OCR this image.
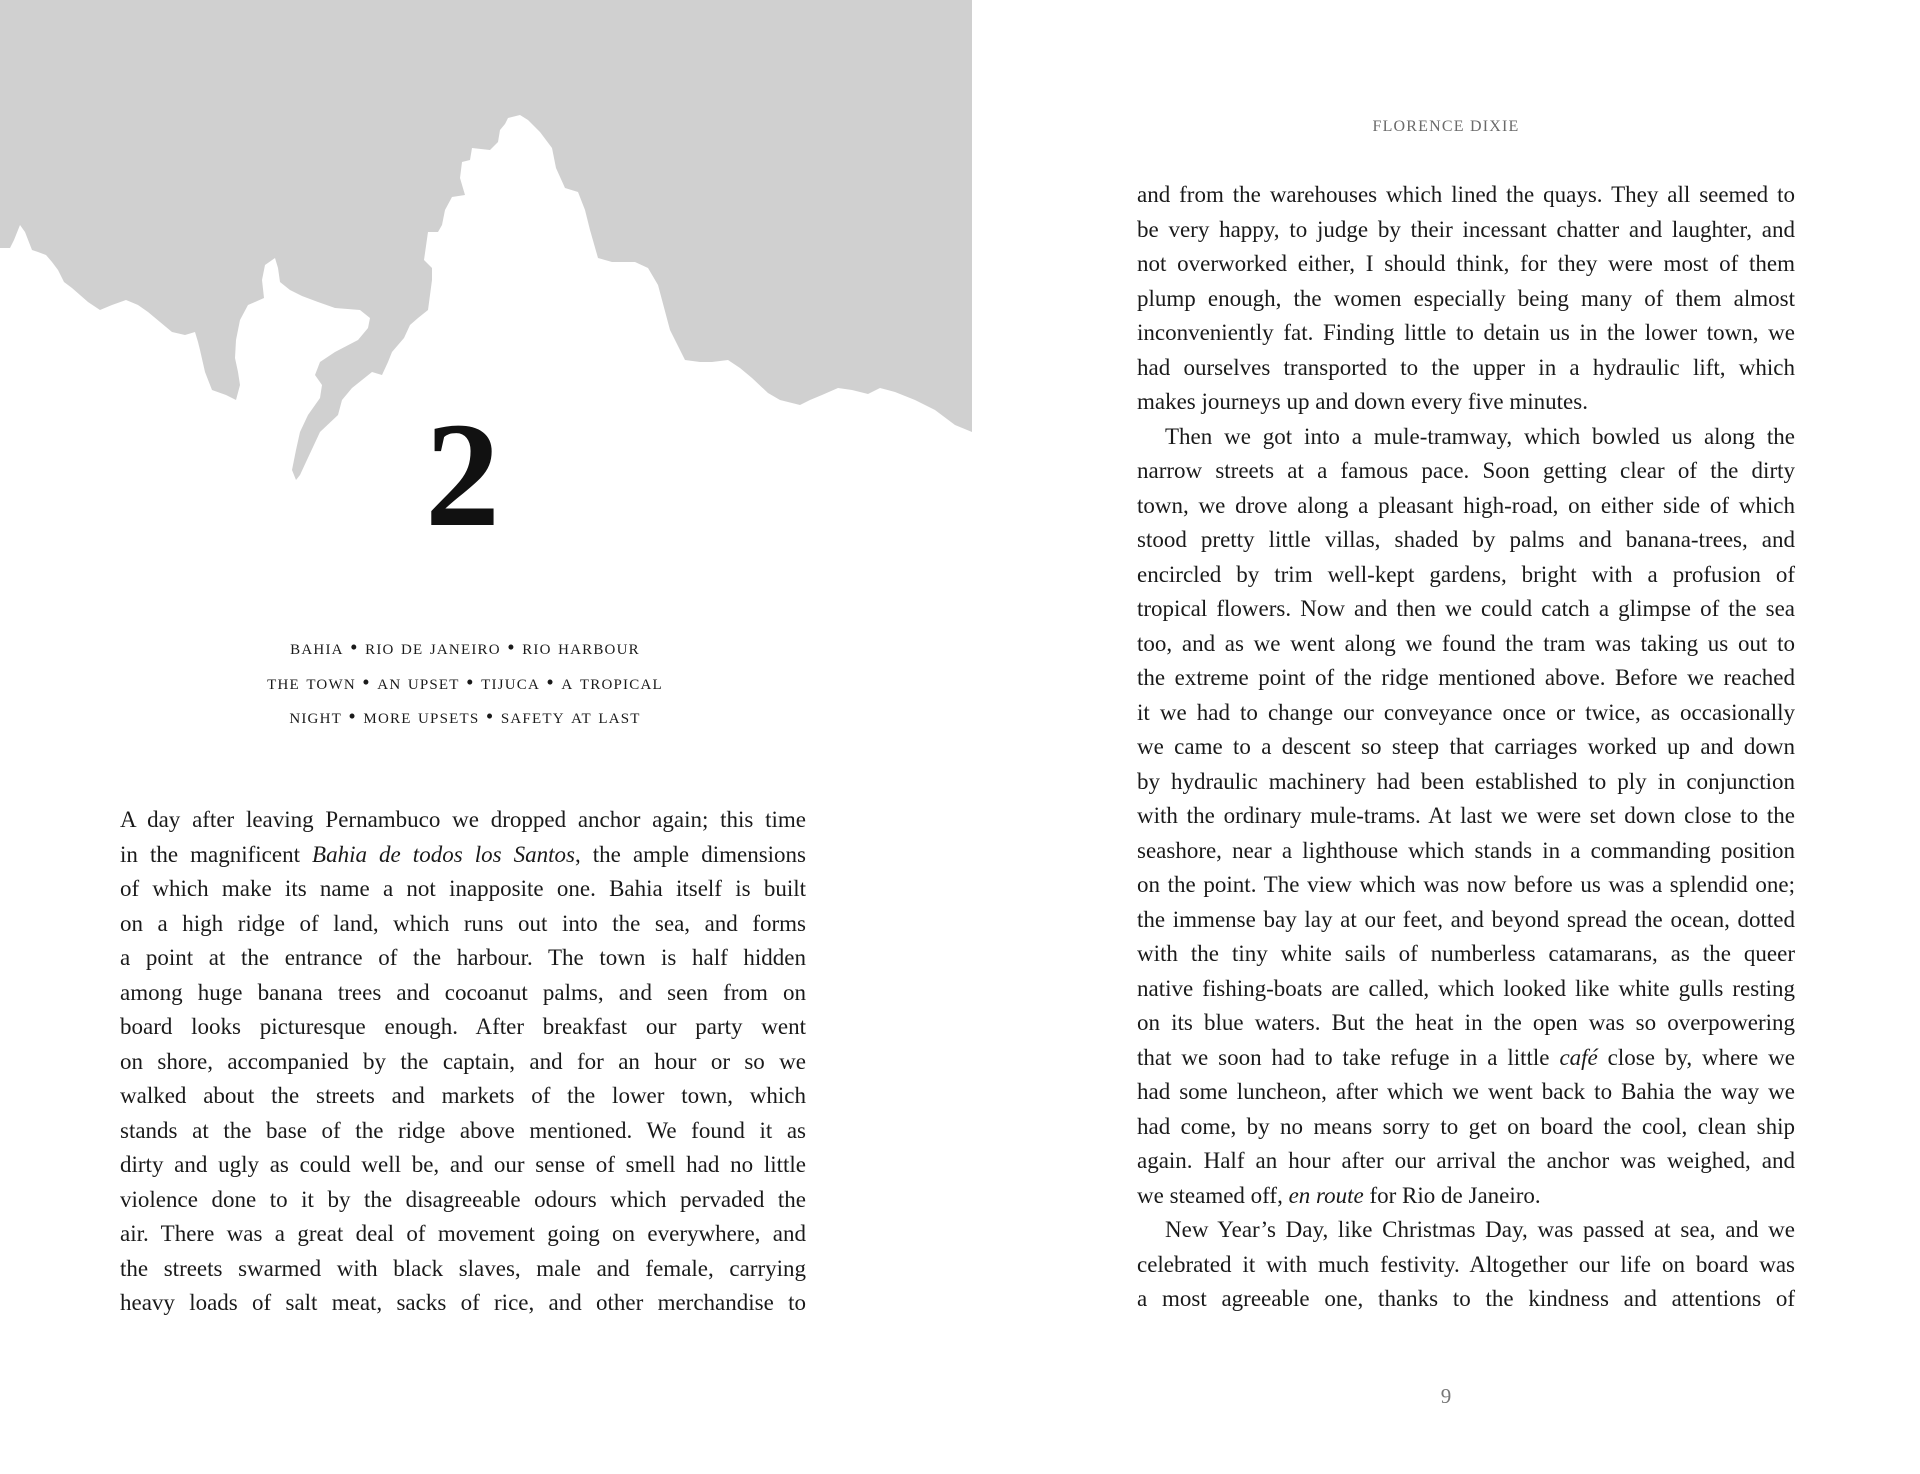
2
bahia • rio de janeiro • rio harbour
the town • an upset • tijuca • a tropical
night • more upsets • safety at last
A day after leaving Pernambuco we dropped anchor again; this time
in the magnificent Bahia de todos los Santos, the ample dimensions
of which make its name a not inapposite one. Bahia itself is built
on a high ridge of land, which runs out into the sea, and forms
a point at the entrance of the harbour. The town is half hidden
among huge banana trees and cocoanut palms, and seen from on
board looks picturesque enough. After breakfast our party went
on shore, accompanied by the captain, and for an hour or so we
walked about the streets and markets of the lower town, which
stands at the base of the ridge above mentioned. We found it as
dirty and ugly as could well be, and our sense of smell had no little
violence done to it by the disagreeable odours which pervaded the
air. There was a great deal of movement going on everywhere, and
the streets swarmed with black slaves, male and female, carrying
heavy loads of salt meat, sacks of rice, and other merchandise to
FLORENCE DIXIE
and from the warehouses which lined the quays. They all seemed to
be very happy, to judge by their incessant chatter and laughter, and
not overworked either, I should think, for they were most of them
plump enough, the women especially being many of them almost
inconveniently fat. Finding little to detain us in the lower town, we
had ourselves transported to the upper in a hydraulic lift, which
makes journeys up and down every five minutes.
Then we got into a mule-tramway, which bowled us along the
narrow streets at a famous pace. Soon getting clear of the dirty
town, we drove along a pleasant high-road, on either side of which
stood pretty little villas, shaded by palms and banana-trees, and
encircled by trim well-kept gardens, bright with a profusion of
tropical flowers. Now and then we could catch a glimpse of the sea
too, and as we went along we found the tram was taking us out to
the extreme point of the ridge mentioned above. Before we reached
it we had to change our conveyance once or twice, as occasionally
we came to a descent so steep that carriages worked up and down
by hydraulic machinery had been established to ply in conjunction
with the ordinary mule-trams. At last we were set down close to the
seashore, near a lighthouse which stands in a commanding position
on the point. The view which was now before us was a splendid one;
the immense bay lay at our feet, and beyond spread the ocean, dotted
with the tiny white sails of numberless catamarans, as the queer
native fishing-boats are called, which looked like white gulls resting
on its blue waters. But the heat in the open was so overpowering
that we soon had to take refuge in a little café close by, where we
had some luncheon, after which we went back to Bahia the way we
had come, by no means sorry to get on board the cool, clean ship
again. Half an hour after our arrival the anchor was weighed, and
we steamed off, en route for Rio de Janeiro.
New Year’s Day, like Christmas Day, was passed at sea, and we
celebrated it with much festivity. Altogether our life on board was
a most agreeable one, thanks to the kindness and attentions of
9
